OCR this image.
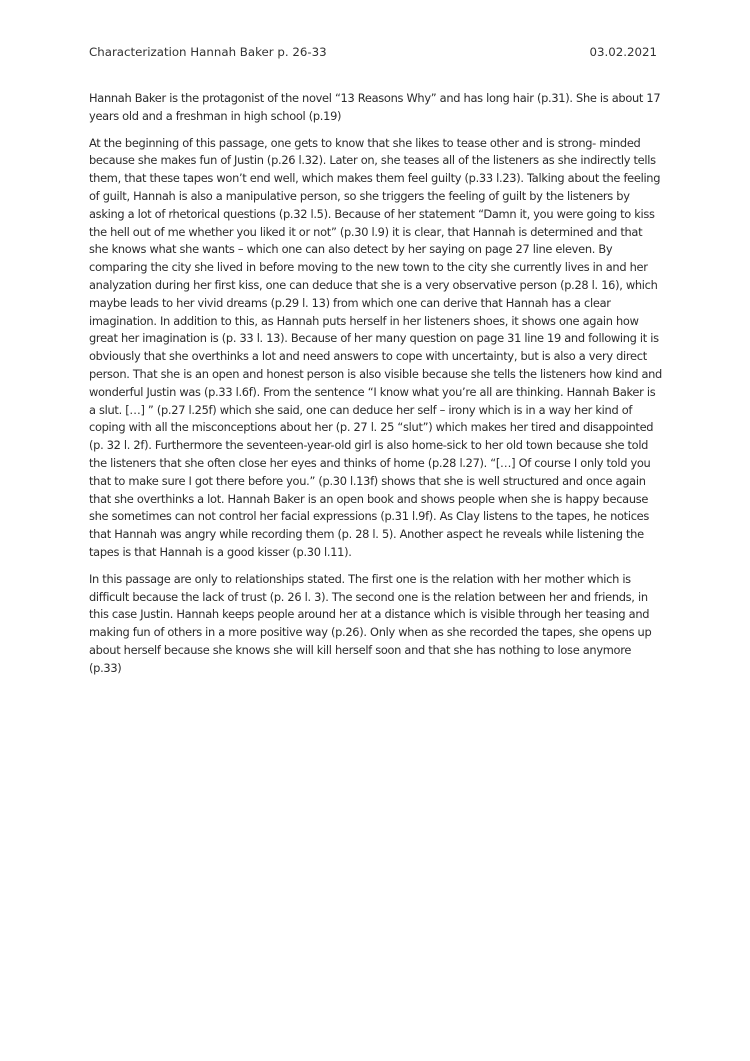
Characterization Hannah Baker p. 26-33	03.02.2021

Hannah Baker is the protagonist of the novel “13 Reasons Why” and has long hair (p.31). She is about 17 years old and a freshman in high school (p.19)

At the beginning of this passage, one gets to know that she likes to tease other and is strong- minded because she makes fun of Justin (p.26 l.32). Later on, she teases all of the listeners as she indirectly tells them, that these tapes won’t end well, which makes them feel guilty (p.33 l.23). Talking about the feeling of guilt, Hannah is also a manipulative person, so she triggers the feeling of guilt by the listeners by asking a lot of rhetorical questions (p.32 l.5). Because of her statement “Damn it, you were going to kiss the hell out of me whether you liked it or not” (p.30 l.9) it is clear, that Hannah is determined and that she knows what she wants – which one can also detect by her saying on page 27 line eleven. By comparing the city she lived in before moving to the new town to the city she currently lives in and her analyzation during her first kiss, one can deduce that she is a very observative person (p.28 l. 16), which maybe leads to her vivid dreams (p.29 l. 13) from which one can derive that Hannah has a clear imagination. In addition to this, as Hannah puts herself in her listeners shoes, it shows one again how great her imagination is (p. 33 l. 13). Because of her many question on page 31 line 19 and following it is obviously that she overthinks a lot and need answers to cope with uncertainty, but is also a very direct person. That she is an open and honest person is also visible because she tells the listeners how kind and wonderful Justin was (p.33 l.6f). From the sentence “I know what you’re all are thinking. Hannah Baker is a slut. […] ” (p.27 l.25f) which she said, one can deduce her self – irony which is in a way her kind of coping with all the misconceptions about her (p. 27 l. 25 “slut”) which makes her tired and disappointed (p. 32 l. 2f). Furthermore the seventeen-year-old girl is also home-sick to her old town because she told the listeners that she often close her eyes and thinks of home (p.28 l.27). “[…] Of course I only told you that to make sure I got there before you.” (p.30 l.13f) shows that she is well structured and once again that she overthinks a lot. Hannah Baker is an open book and shows people when she is happy because she sometimes can not control her facial expressions (p.31 l.9f). As Clay listens to the tapes, he notices that Hannah was angry while recording them (p. 28 l. 5). Another aspect he reveals while listening the tapes is that Hannah is a good kisser (p.30 l.11).

In this passage are only to relationships stated. The first one is the relation with her mother which is difficult because the lack of trust (p. 26 l. 3). The second one is the relation between her and friends, in this case Justin. Hannah keeps people around her at a distance which is visible through her teasing and making fun of others in a more positive way (p.26). Only when as she recorded the tapes, she opens up about herself because she knows she will kill herself soon and that she has nothing to lose anymore (p.33)
